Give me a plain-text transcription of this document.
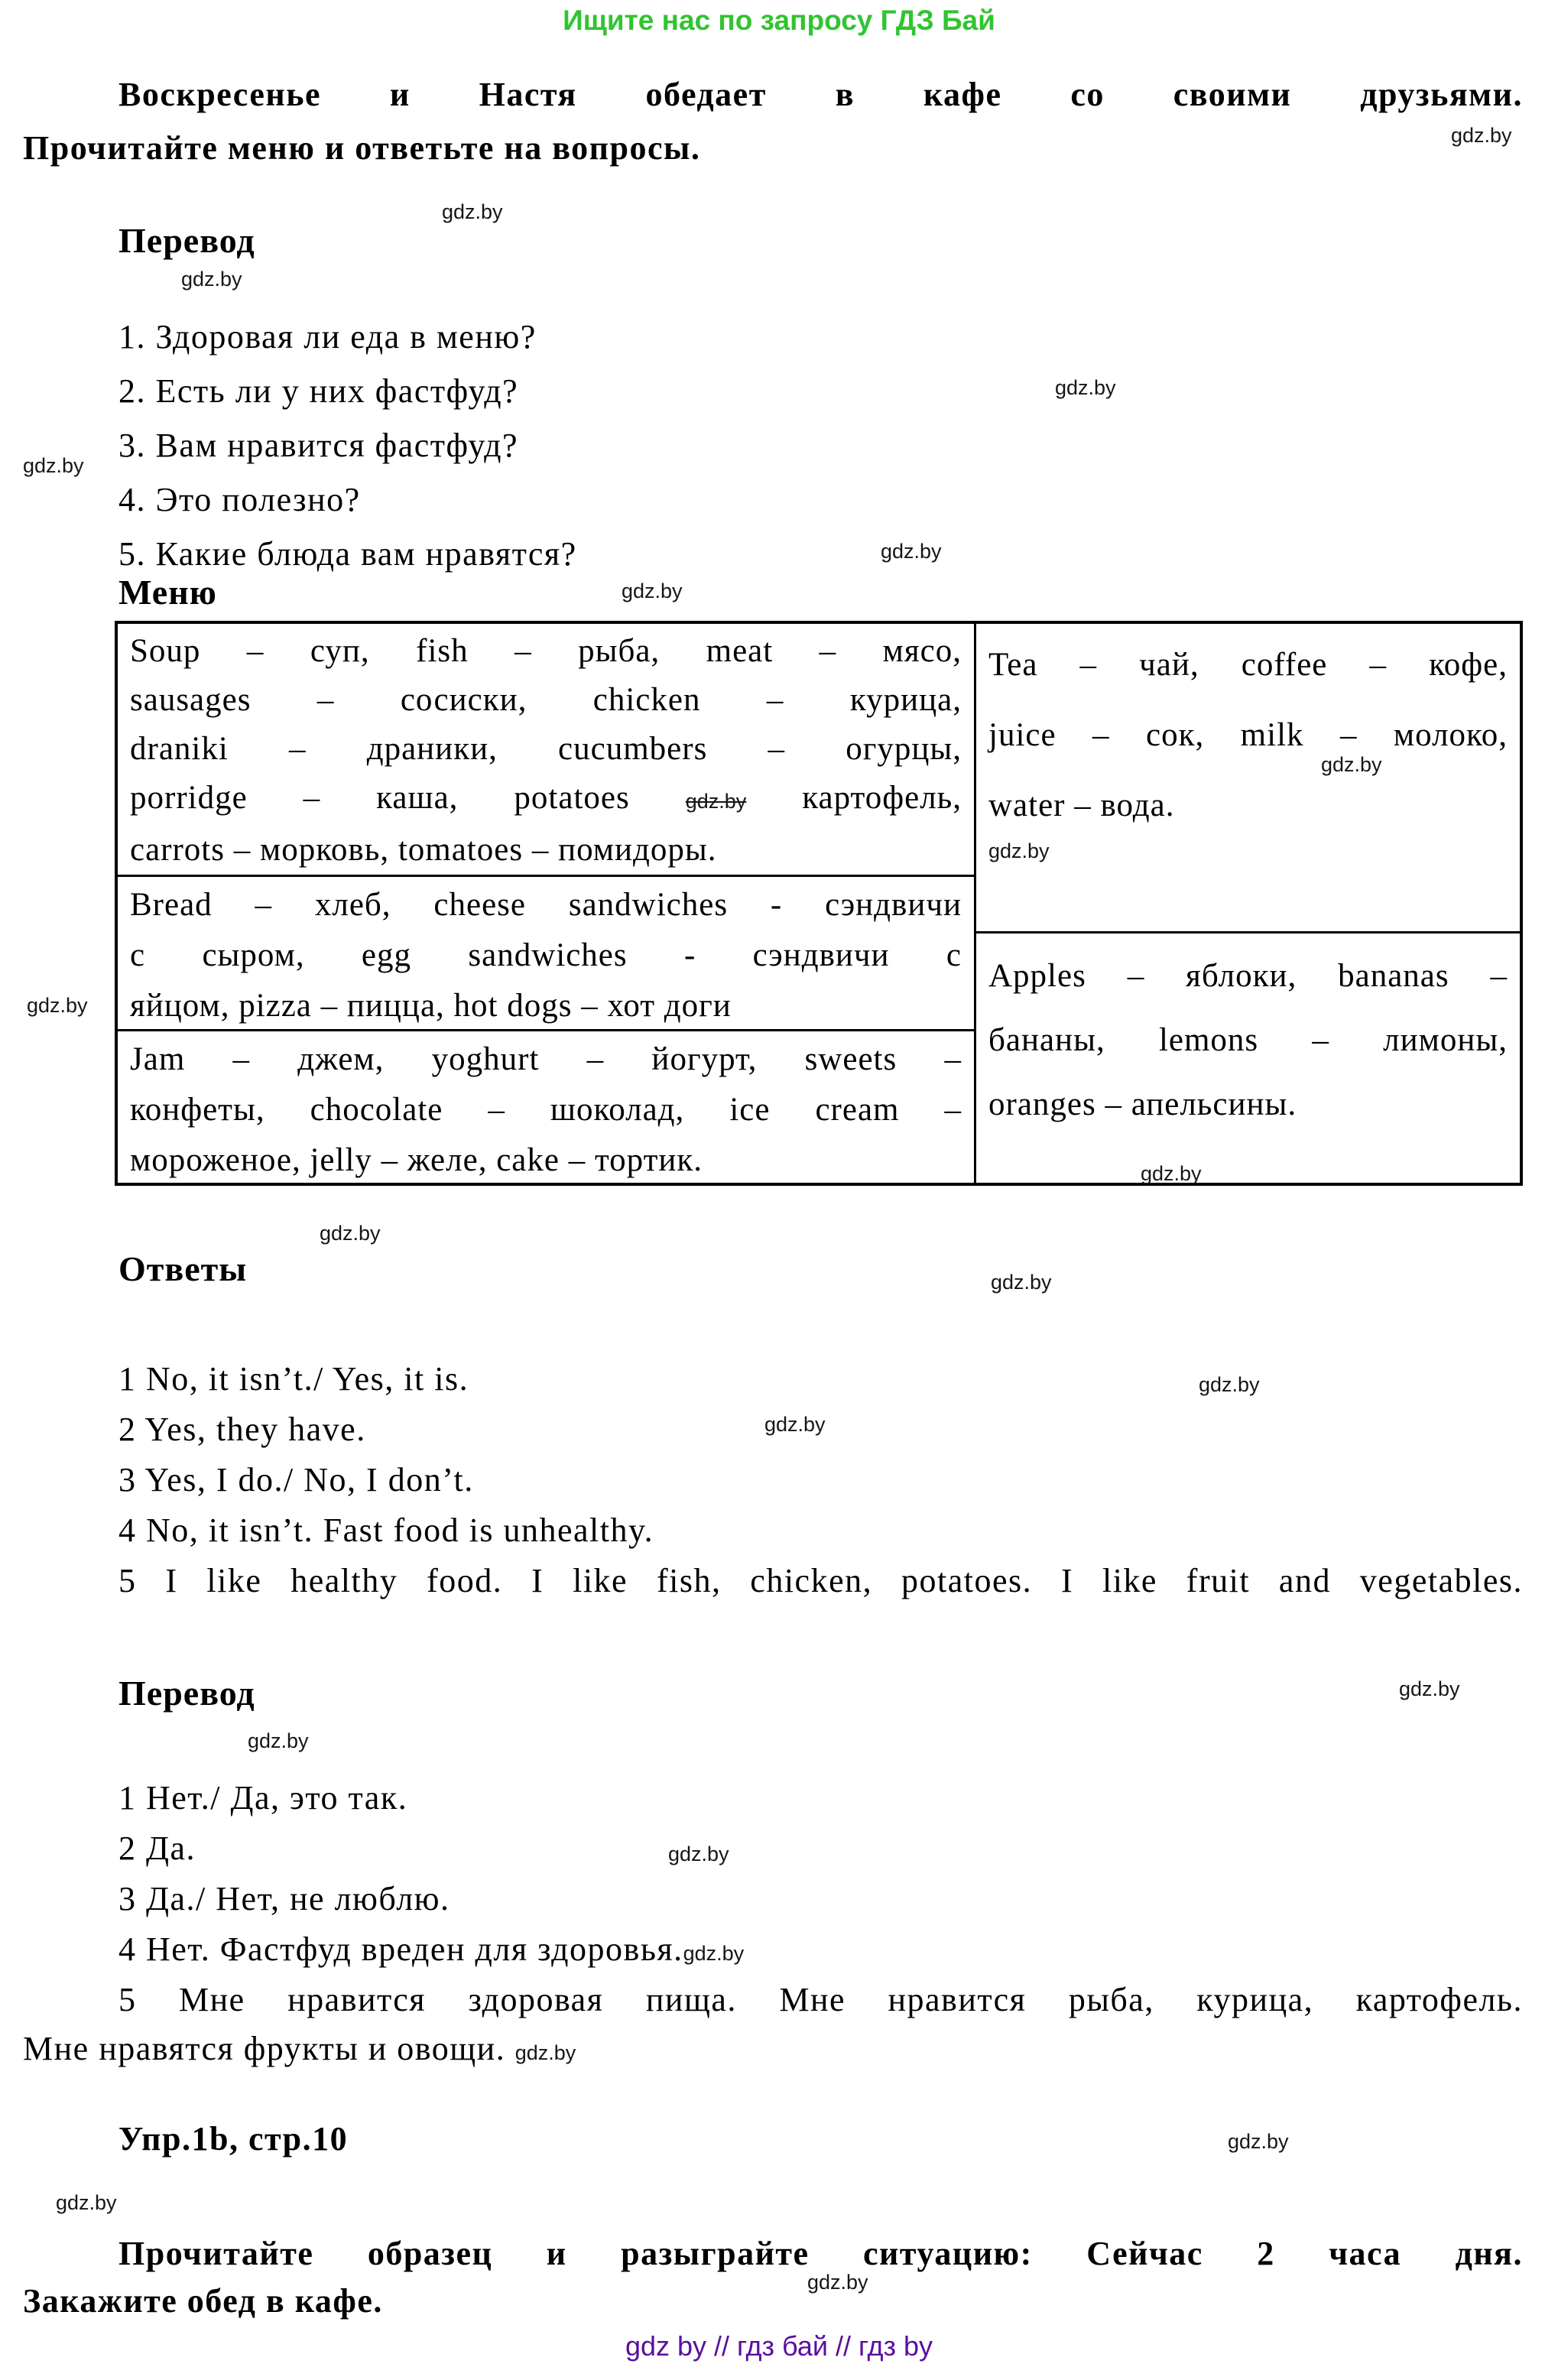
Ищите нас по запросу ГДЗ Бай
Воскресенье и Настя обедает в кафе со своими друзьями.
Прочитайте меню и ответьте на вопросы.
Перевод
1. Здоровая ли еда в меню?
2. Есть ли у них фастфуд?
3. Вам нравится фастфуд?
4. Это полезно?
5. Какие блюда вам нравятся?
Меню
Soup – суп, fish – рыба, meat – мясо,
sausages – сосиски, chicken – курица,
draniki – драники, cucumbers – огурцы,
porridge – каша, potatoes	gdz.by картофель,
carrots – морковь, tomatoes – помидоры.
Bread – хлеб, cheese sandwiches - сэндвичи
с сыром, egg sandwiches - сэндвичи с
яйцом, pizza – пицца, hot dogs – хот доги
Jam – джем, yoghurt – йогурт, sweets –
конфеты, chocolate – шоколад, ice cream –
мороженое, jelly – желе, cake – тортик.
Tea – чай, coffee – кофе,
juice – сок, milk – молоко,
water – вода.
Apples – яблоки, bananas –
бананы, lemons – лимоны,
oranges – апельсины.
Ответы
1 No, it isn’t./ Yes, it is.
2 Yes, they have.
3 Yes, I do./ No, I don’t.
4 No, it isn’t. Fast food is unhealthy.
5 I like healthy food. I like fish, chicken, potatoes. I like fruit and vegetables.
Перевод
1 Нет./ Да, это так.
2 Да.
3 Да./ Нет, не люблю.
4 Нет. Фастфуд вреден для здоровья.gdz.by
5 Мне нравится здоровая пища. Мне нравится рыба, курица, картофель.
Мне нравятся фрукты и овощи. gdz.by
Упр.1b, стр.10
Прочитайте образец и разыграйте ситуацию: Сейчас 2 часа дня.
Закажите обед в кафе.
gdz by // гдз бай // гдз by
gdz.by
gdz.by
gdz.by
gdz.by
gdz.by
gdz.by
gdz.by
gdz.by
gdz.by
gdz.by
gdz.by
gdz.by
gdz.by
gdz.by
gdz.by
gdz.by
gdz.by
gdz.by
gdz.by
gdz.by
gdz.by
